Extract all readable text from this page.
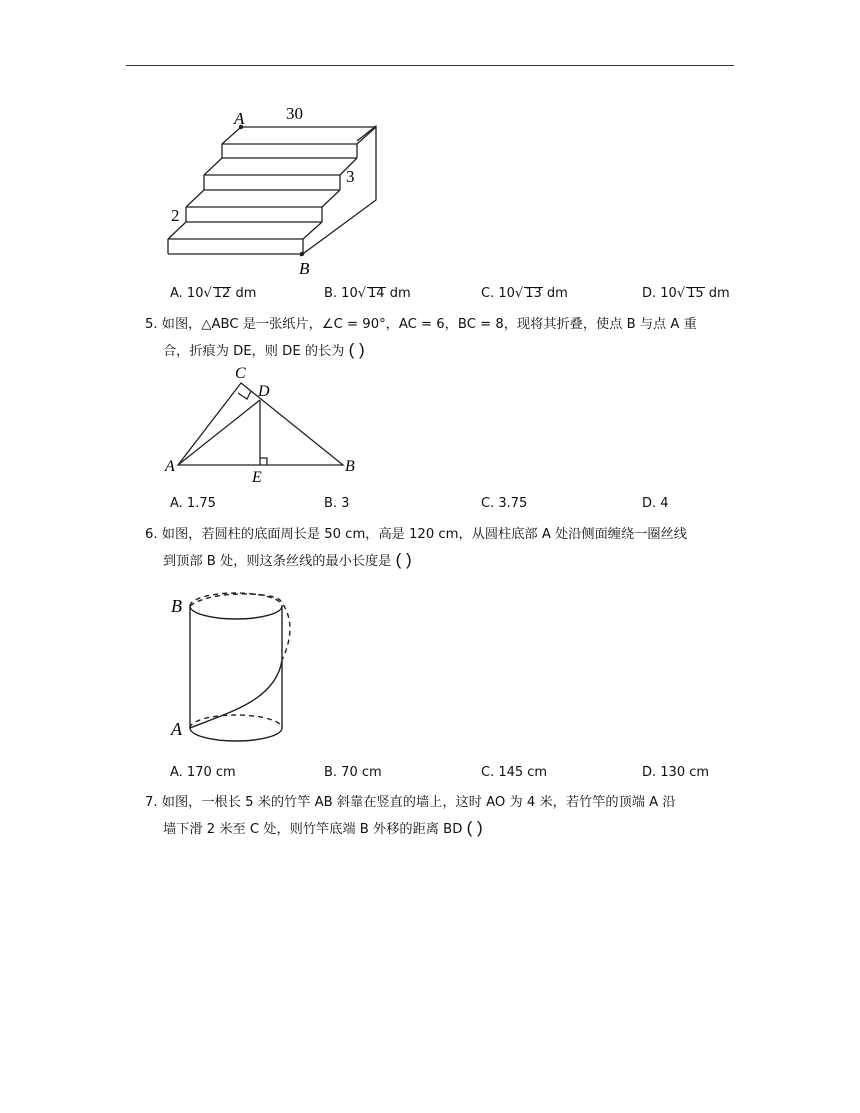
A
B
30
3
2
A. 10√ 12 dm	B. 10√ 14 dm	C. 10√ 13 dm	D. 10√ 15 dm
5. 如图，△ABC 是一张纸片，∠C = 90°，AC = 6，BC = 8，现将其折叠，使点 B 与点 A 重
合，折痕为 DE，则 DE 的长为 ( )
A	B
C
D
E
A. 1.75	B. 3	C. 3.75	D. 4
6. 如图，若圆柱的底面周长是 50 cm，高是 120 cm，从圆柱底部 A 处沿侧面缠绕一圈丝线
到顶部 B 处，则这条丝线的最小长度是 ( )
B
A
A. 170 cm	B. 70 cm	C. 145 cm	D. 130 cm
7. 如图，一根长 5 米的竹竿 AB 斜靠在竖直的墙上，这时 AO 为 4 米，若竹竿的顶端 A 沿
墙下滑 2 米至 C 处，则竹竿底端 B 外移的距离 BD ( )
